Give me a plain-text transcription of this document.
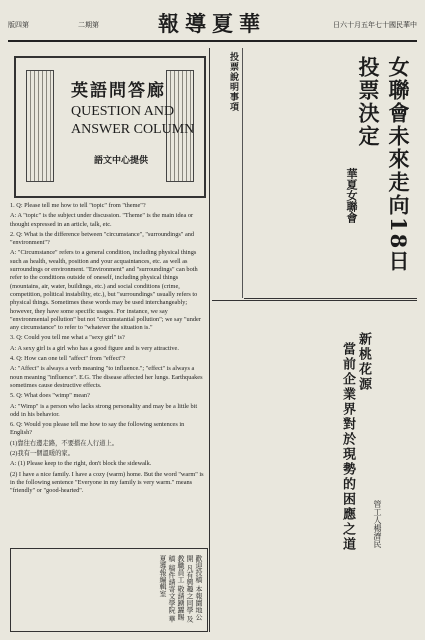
版四第	二期第	報導夏華	日六十月五年七十國民華中
英語問答廊
QUESTION AND
ANSWER COLUMN
語文中心提供

1. Q: Please tell me how to tell "topic" from "theme"?

A: A "topic" is the subject under discussion. "Theme" is the main idea or thought expressed in an article, talk, etc.

2. Q: What is the difference between "circumstance", "surroundings" and "environment"?

A: "Circumstance" refers to a general condition, including physical things such as health, wealth, position and your acquaintances, etc. as well as surroundings or environment. "Environment" and "surroundings" can both refer to the conditions outside of oneself, including physical things (mountains, air, water, buildings, etc.) and social conditions (crime, competition, political instability, etc.), but "surroundings" usually refers to physical things. Sometimes these words may be used interchangeably; however, they have some specific usages. For instance, we say "environmental pollution" but not "circumstantial pollution"; we say "under any circumstance" to refer to "whatever the situation is."

3. Q: Could you tell me what a "sexy girl" is?

A: A sexy girl is a girl who has a good figure and is very attractive.

4. Q: How can one tell "affect" from "effect"?

A: "Affect" is always a verb meaning "to influence."; "effect" is always a noun meaning "influence". E.G. The disease affected her lungs. Earthquakes sometimes cause destructive effects.

5. Q: What does "wimp" mean?

A: "Wimp" is a person who lacks strong personality and may be a little bit odd in his behavior.

6. Q: Would you please tell me how to say the following sentences in English?

(1)靠往右邊走路，不要擋在人行道上。

(2)我有一個溫暖的家。

A: (1) Please keep to the right, don't block the sidewalk.

(2) I have a nice family. I have a cozy (warm) home. But the word "warm" is in the following sentence "Everyone in my family is very warm." means "friendly" or "good-hearted".

歡迎投稿 本報園地公開 凡有興趣之同學 及教職員工 敬請踴躍賜稿 稿件請寄文學院 華夏導報編輯室
投票說明事項	女聯會未來走向18日投票決定
華夏女聯會
新桃花源
當前企業界對於現勢的困應之道 管工人楊濟民
